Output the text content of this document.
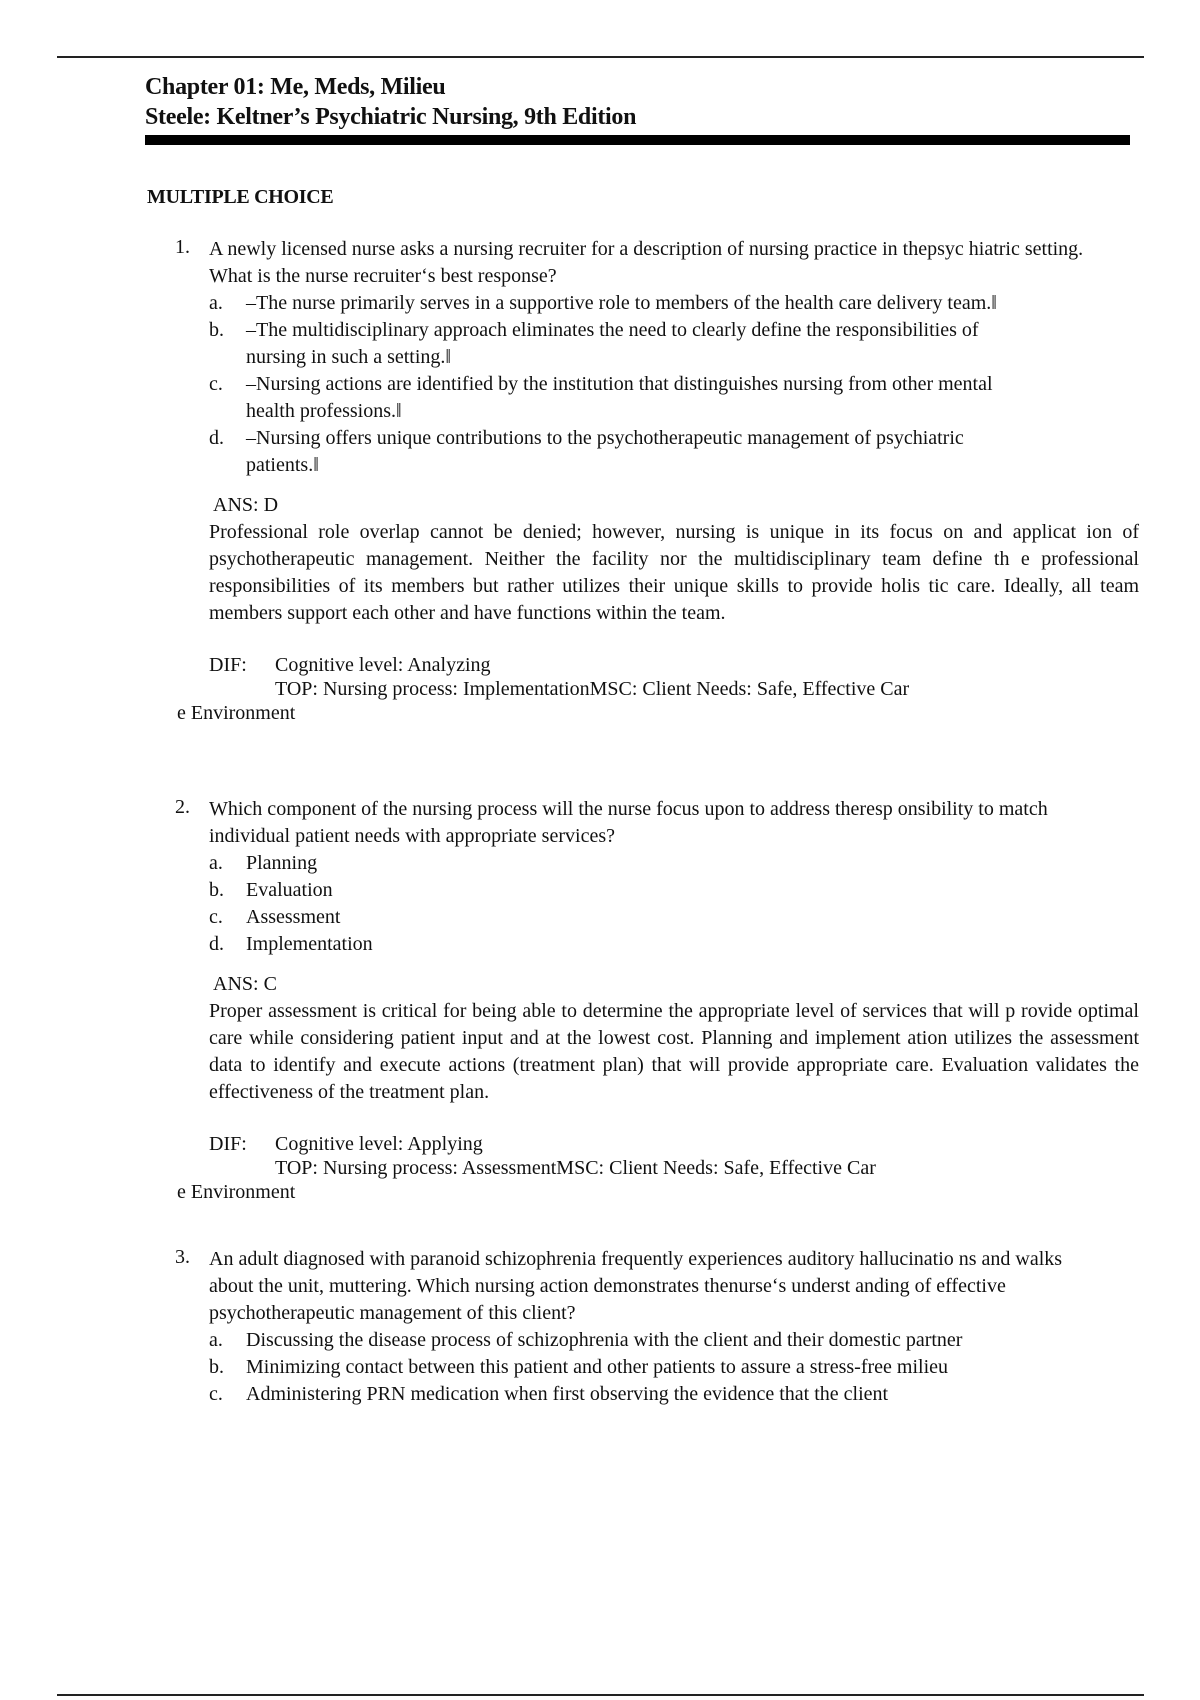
Chapter 01: Me, Meds, Milieu
Steele: Keltner’s Psychiatric Nursing, 9th Edition
MULTIPLE CHOICE
1. A newly licensed nurse asks a nursing recruiter for a description of nursing practice in thepsyc hiatric setting. What is the nurse recruiter‘s best response?
a. –The nurse primarily serves in a supportive role to members of the health care delivery team.‖
b. –The multidisciplinary approach eliminates the need to clearly define the responsibilities of nursing in such a setting.‖
c. –Nursing actions are identified by the institution that distinguishes nursing from other mental health professions.‖
d. –Nursing offers unique contributions to the psychotherapeutic management of psychiatric patients.‖
ANS: D
Professional role overlap cannot be denied; however, nursing is unique in its focus on and applicat ion of psychotherapeutic management. Neither the facility nor the multidisciplinary team define th e professional responsibilities of its members but rather utilizes their unique skills to provide holis tic care. Ideally, all team members support each other and have functions within the team.
DIF: Cognitive level: Analyzing
TOP: Nursing process: ImplementationMSC: Client Needs: Safe, Effective Car
e Environment
2. Which component of the nursing process will the nurse focus upon to address theresp onsibility to match individual patient needs with appropriate services?
a. Planning
b. Evaluation
c. Assessment
d. Implementation
ANS: C
Proper assessment is critical for being able to determine the appropriate level of services that will p rovide optimal care while considering patient input and at the lowest cost. Planning and implement ation utilizes the assessment data to identify and execute actions (treatment plan) that will provide appropriate care. Evaluation validates the effectiveness of the treatment plan.
DIF: Cognitive level: Applying
TOP: Nursing process: AssessmentMSC: Client Needs: Safe, Effective Car
e Environment
3. An adult diagnosed with paranoid schizophrenia frequently experiences auditory hallucinatio ns and walks about the unit, muttering. Which nursing action demonstrates thenurse‘s underst anding of effective psychotherapeutic management of this client?
a. Discussing the disease process of schizophrenia with the client and their domestic partner
b. Minimizing contact between this patient and other patients to assure a stress-free milieu
c. Administering PRN medication when first observing the evidence that the client
